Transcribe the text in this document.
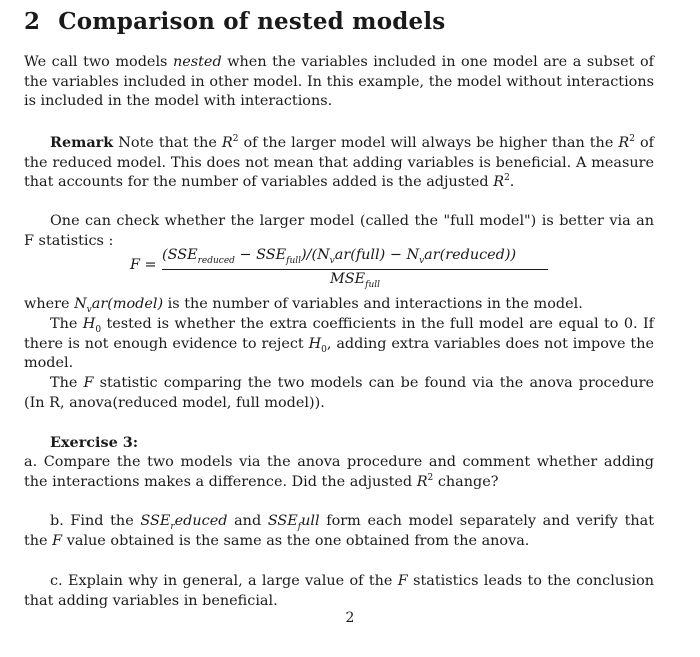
2 Comparison of nested models
We call two models nested when the variables included in one model are a subset of the variables included in other model. In this example, the model without interactions is included in the model with interactions.
Remark Note that the $R^2$ of the larger model will always be higher than the $R^2$ of the reduced model. This does not mean that adding variables is beneficial. A measure that accounts for the number of variables added is the adjusted $R^2$.
One can check whether the larger model (called the "full model") is better via an F statistics :
F =
($SSE_{reduced}$ − $SSE_{full})/(N_var(full)$ − $N_var(reduced)$)
$MSE_{full}$
where $N_var(model)$ is the number of variables and interactions in the model.
The $H_0$ tested is whether the extra coefficients in the full model are equal to 0. If there is not enough evidence to reject $H_0$, adding extra variables does not impove the model.
The F statistic comparing the two models can be found via the anova procedure (In R, anova(reduced model, full model)).
Exercise 3:
a. Compare the two models via the anova procedure and comment whether adding the interactions makes a difference. Did the adjusted $R^2$ change?
b. Find the $SSE_reduced$ and $SSE_full$ form each model separately and verify that the F value obtained is the same as the one obtained from the anova.
c. Explain why in general, a large value of the F statistics leads to the conclusion that adding variables in beneficial.
2
